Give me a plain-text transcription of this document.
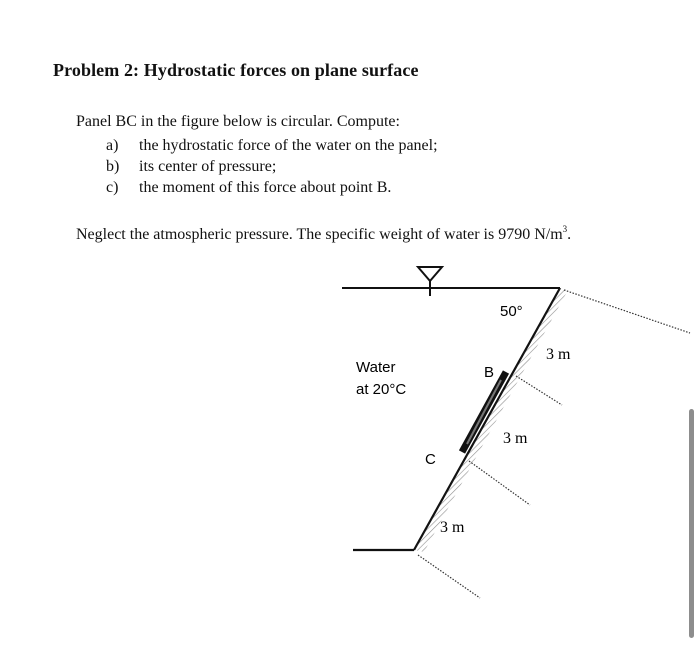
Problem 2: Hydrostatic forces on plane surface
Panel BC in the figure below is circular. Compute:
a)	the hydrostatic force of the water on the panel;
b)	its center of pressure;
c)	the moment of this force about point B.
Neglect the atmospheric pressure. The specific weight of water is 9790 $N/m^3$.
Water
at 20°C
50°
B
C
3 m
3 m
3 m
